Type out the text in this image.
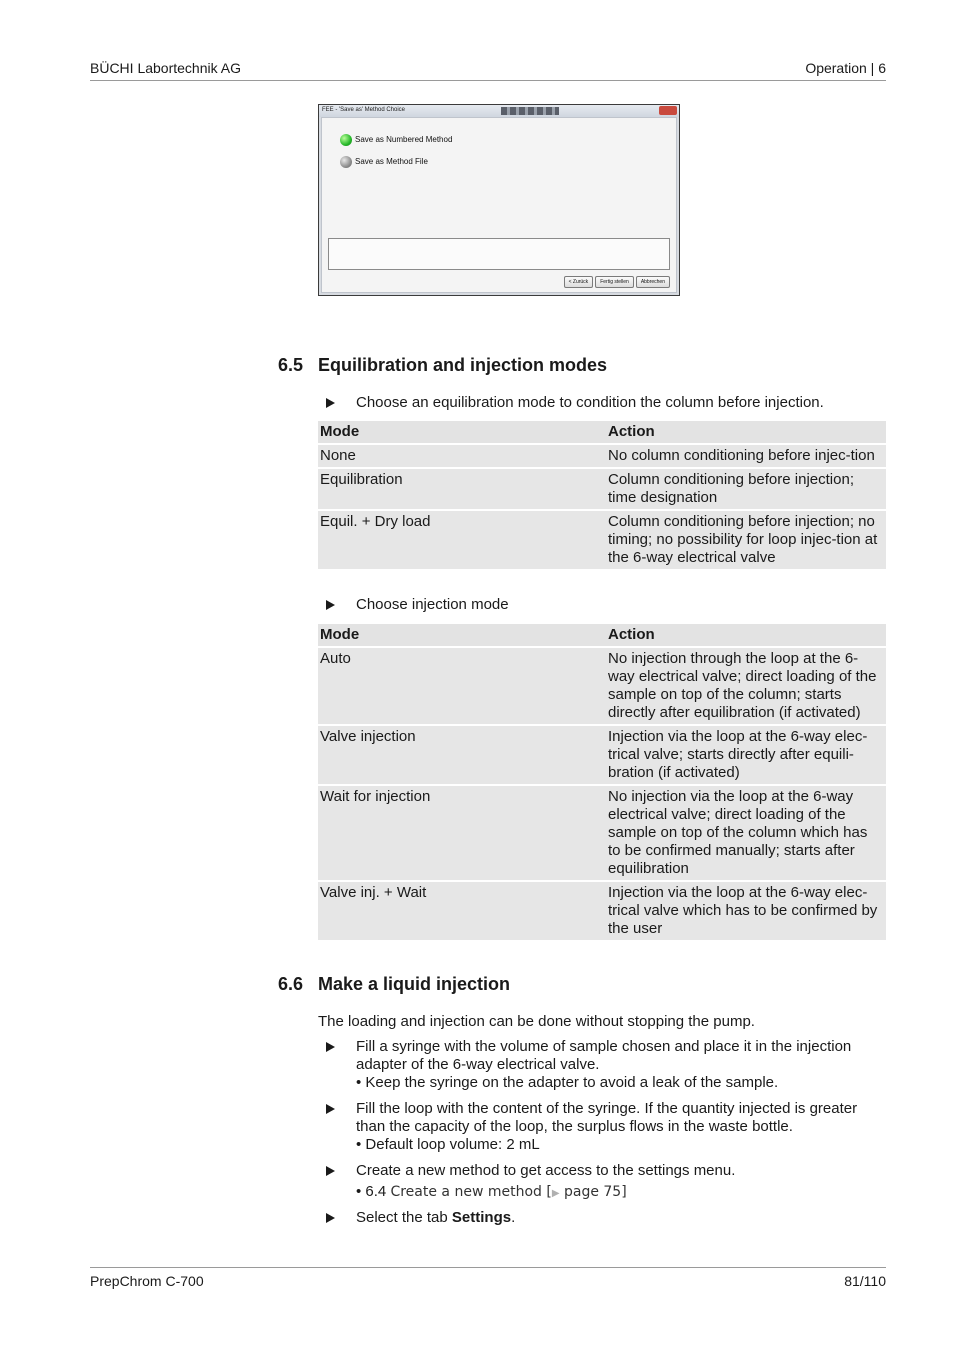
BÜCHI Labortechnik AG	Operation | 6
FEE - 'Save as' Method Choice
Save as Numbered Method
Save as Method File
< Zurück Fertig stellen Abbrechen
6.5 Equilibration and injection modes
Choose an equilibration mode to condition the column before injection.
Mode	Action
None	No column conditioning before injec-tion
Equilibration	Column conditioning before injection; time designation
Equil. + Dry load	Column conditioning before injection; no timing; no possibility for loop injec-tion at the 6-way electrical valve
Choose injection mode
Mode	Action
Auto	No injection through the loop at the 6-way electrical valve; direct loading of the sample on top of the column; starts directly after equilibration (if activated)
Valve injection	Injection via the loop at the 6-way elec-trical valve; starts directly after equili-bration (if activated)
Wait for injection	No injection via the loop at the 6-way electrical valve; direct loading of the sample on top of the column which has to be confirmed manually; starts after equilibration
Valve inj. + Wait	Injection via the loop at the 6-way elec-trical valve which has to be confirmed by the user
6.6 Make a liquid injection
The loading and injection can be done without stopping the pump.
Fill a syringe with the volume of sample chosen and place it in the injection adapter of the 6-way electrical valve.
• Keep the syringe on the adapter to avoid a leak of the sample.
Fill the loop with the content of the syringe. If the quantity injected is greater than the capacity of the loop, the surplus flows in the waste bottle.
• Default loop volume: 2 mL
Create a new method to get access to the settings menu.
• 6.4 Create a new method [▶ page 75]
Select the tab Settings.
PrepChrom C-700	81/110
